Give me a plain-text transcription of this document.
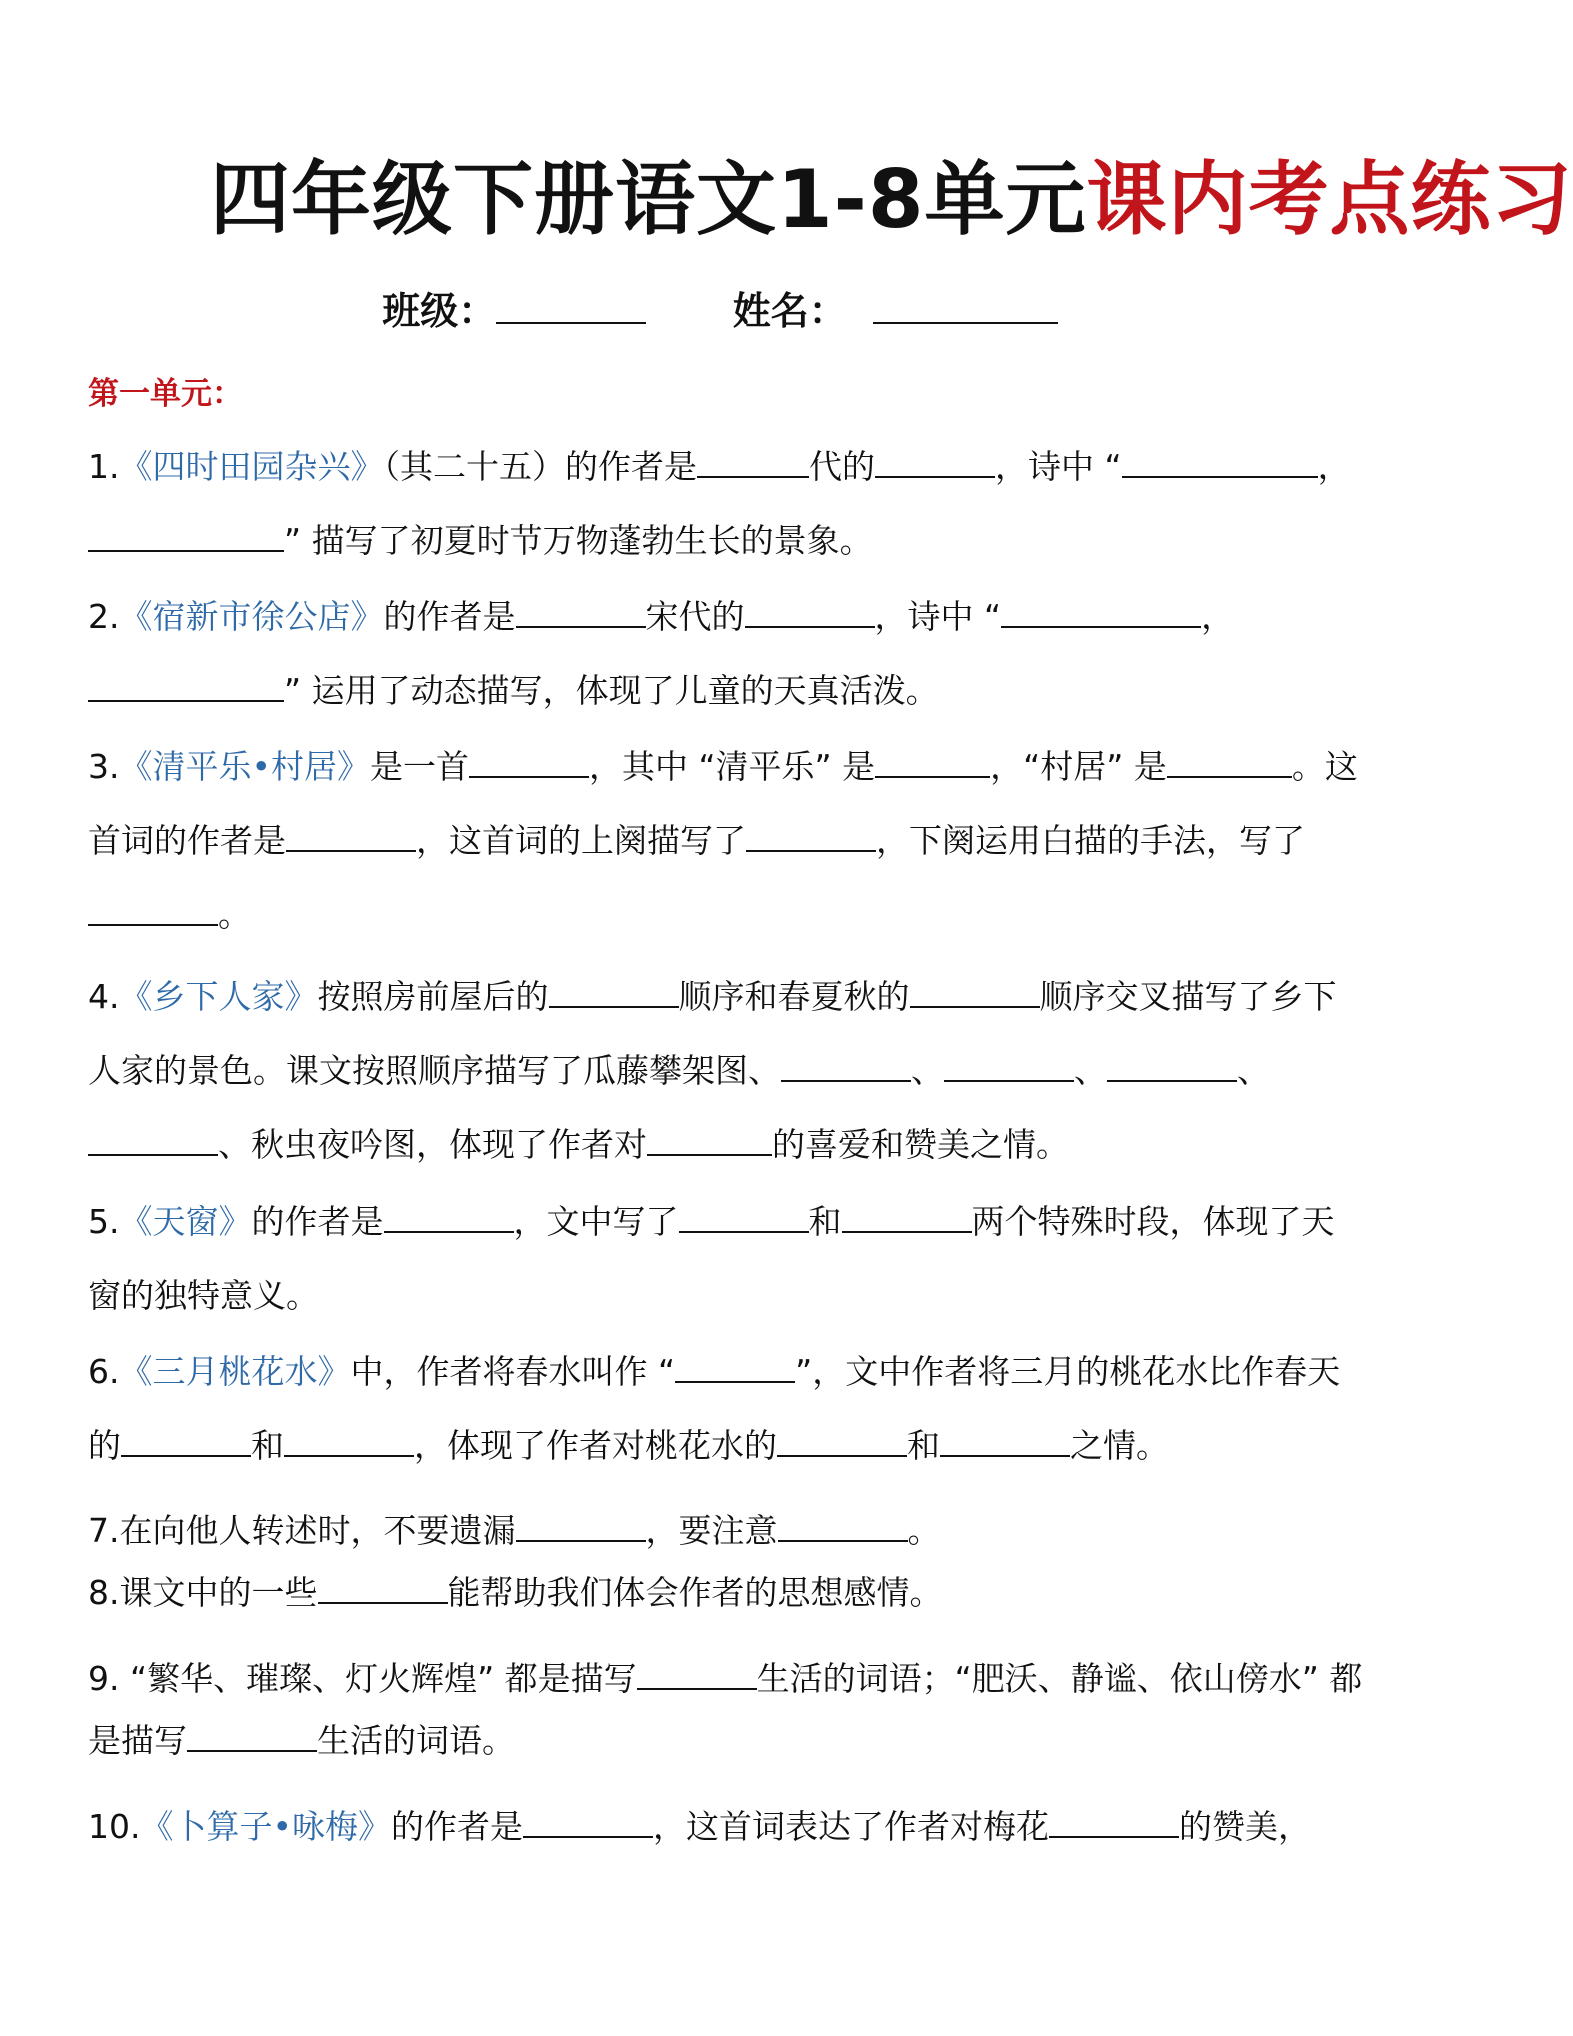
四年级下册语文1-8单元课内考点练习
班级：	姓名：
第一单元：
1.《四时田园杂兴》（其二十五）的作者是	代的	，诗中 “	，” 描写了初夏时节万物蓬勃生长的景象。
2.《宿新市徐公店》的作者是	宋代的	，诗中 “	，” 运用了动态描写，体现了儿童的天真活泼。
3.《清平乐•村居》是一首	，其中 “清平乐” 是	，“村居” 是	。这首词的作者是	，这首词的上阕描写了	，下阕运用白描的手法，写了。
4.《乡下人家》按照房前屋后的	顺序和春夏秋的	顺序交叉描写了乡下人家的景色。课文按照顺序描写了瓜藤攀架图、	、	、	、、秋虫夜吟图，体现了作者对	的喜爱和赞美之情。
5.《天窗》的作者是	，文中写了	和	两个特殊时段，体现了天窗的独特意义。
6.《三月桃花水》中，作者将春水叫作 “	”，文中作者将三月的桃花水比作春天的	和	，体现了作者对桃花水的	和	之情。
7.在向他人转述时，不要遗漏	，要注意	。
8.课文中的一些	能帮助我们体会作者的思想感情。
9. “繁华、璀璨、灯火辉煌” 都是描写	生活的词语；“肥沃、静谧、依山傍水” 都是描写	生活的词语。
10.《卜算子•咏梅》的作者是	，这首词表达了作者对梅花	的赞美，
